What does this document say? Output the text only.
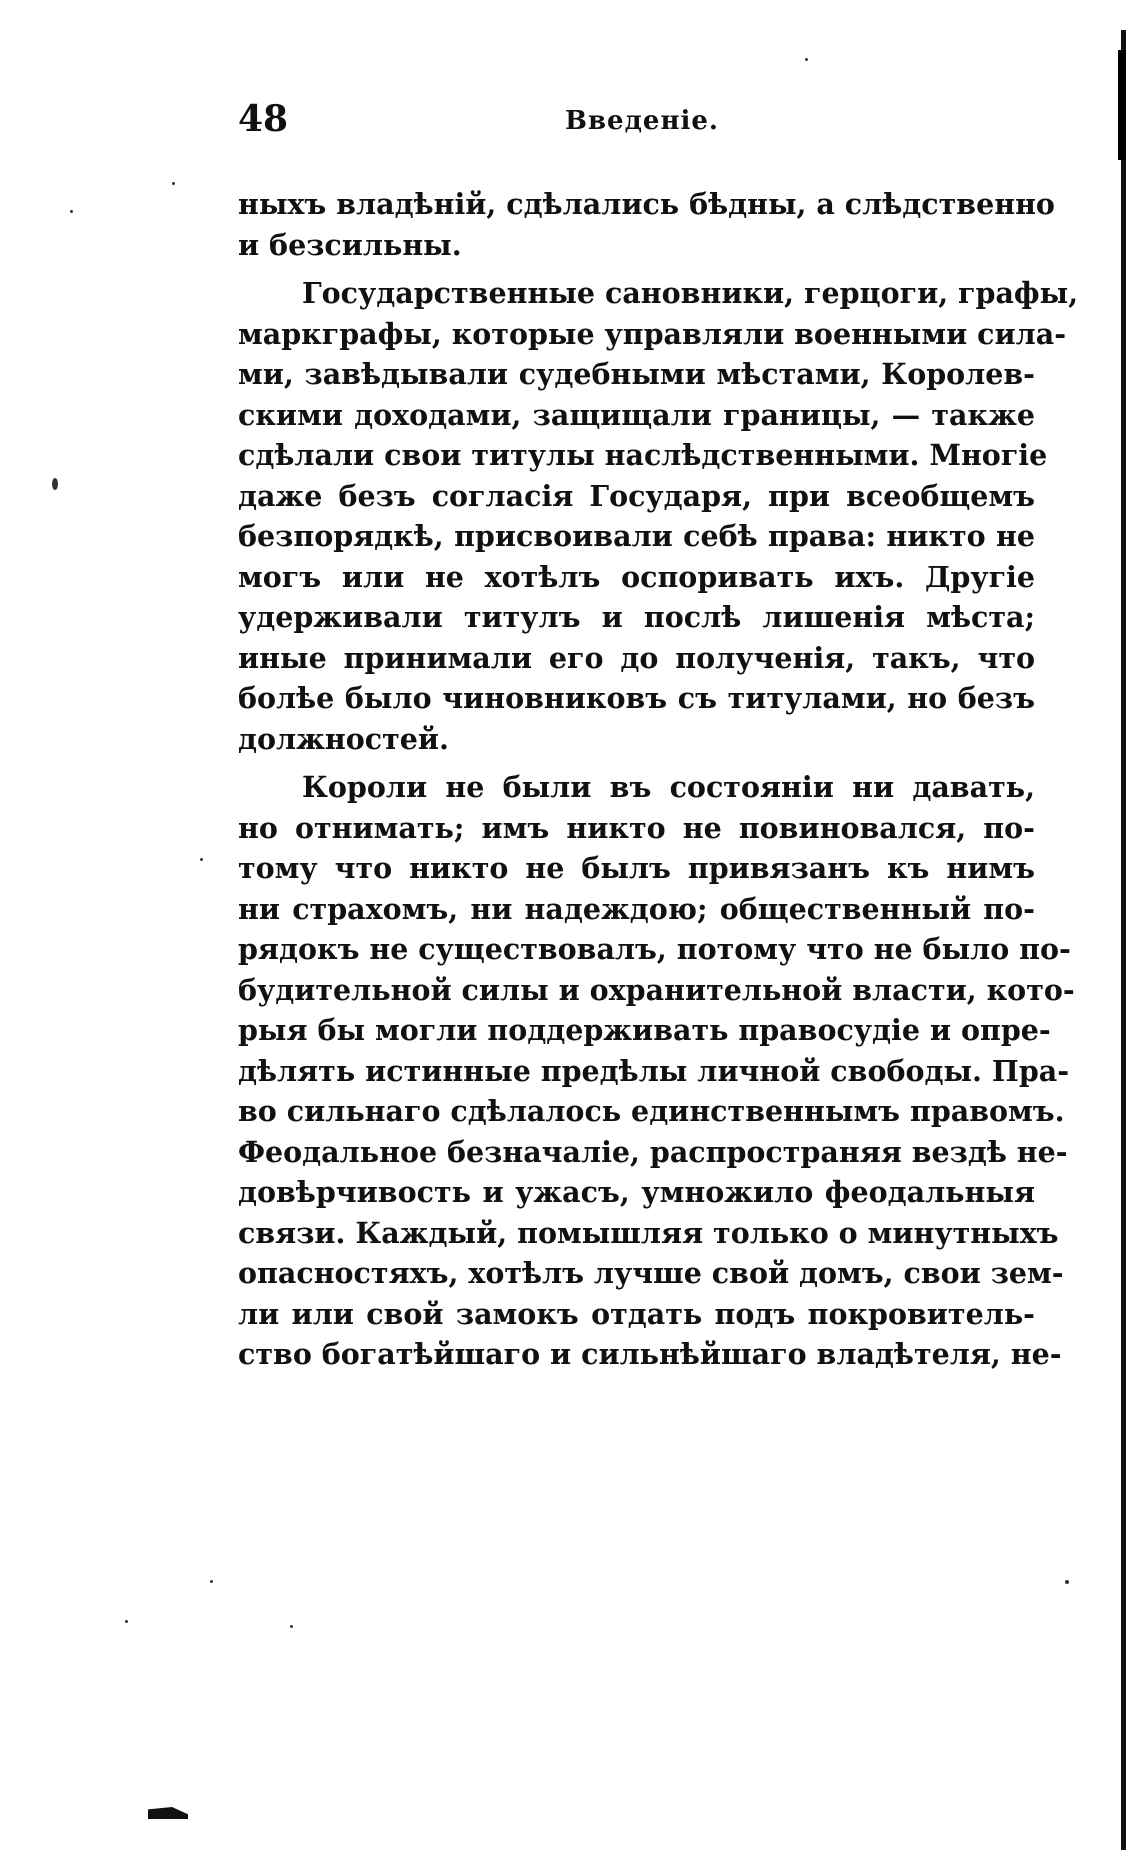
48	Введеніе.
ныхъ владѣній, сдѣлались бѣдны, а слѣдственно
и безсильны.
Государственные сановники, герцоги, графы,
маркграфы, которые управляли военными сила-
ми, завѣдывали судебными мѣстами, Королев-
скими доходами, защищали границы, — также
сдѣлали свои титулы наслѣдственными. Многіе
даже безъ согласія Государя, при всеобщемъ
безпорядкѣ, присвоивали себѣ права: никто не
могъ или не хотѣлъ оспоривать ихъ. Другіе
удерживали титулъ и послѣ лишенія мѣста;
иные принимали его до полученія, такъ, что
болѣе было чиновниковъ съ титулами, но безъ
должностей.
Короли не были въ состояніи ни давать,
но отнимать; имъ никто не повиновался, по-
тому что никто не былъ привязанъ къ нимъ
ни страхомъ, ни надеждою; общественный по-
рядокъ не существовалъ, потому что не было по-
будительной силы и охранительной власти, кото-
рыя бы могли поддерживать правосудіе и опре-
дѣлять истинные предѣлы личной свободы. Пра-
во сильнаго сдѣлалось единственнымъ правомъ.
Феодальное безначаліе, распространяя вездѣ не-
довѣрчивость и ужасъ, умножило феодальныя
связи. Каждый, помышляя только о минутныхъ
опасностяхъ, хотѣлъ лучше свой домъ, свои зем-
ли или свой замокъ отдать подъ покровитель-
ство богатѣйшаго и сильнѣйшаго владѣтеля, не-
